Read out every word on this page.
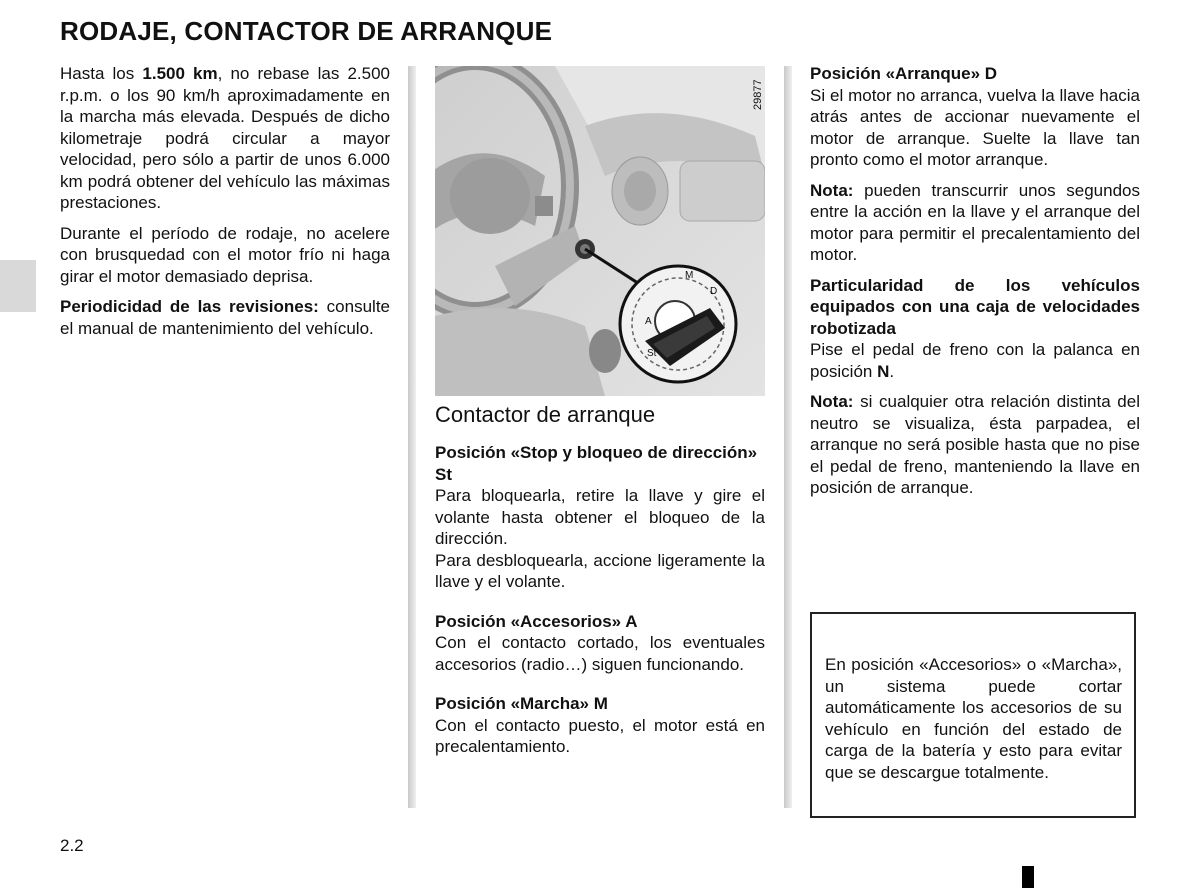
RODAJE, CONTACTOR DE ARRANQUE

Hasta los 1.500 km, no rebase las 2.500 r.p.m. o los 90 km/h aproximadamente en la marcha más elevada. Después de dicho kilometraje podrá circular a mayor velocidad, pero sólo a partir de unos 6.000 km podrá obtener del vehículo las máximas prestaciones.

Durante el período de rodaje, no acelere con brusquedad con el motor frío ni haga girar el motor demasiado deprisa.

Periodicidad de las revisiones: consulte el manual de mantenimiento del vehículo.

M
D
A
St
29877
Contactor de arranque
Posición «Stop y bloqueo de dirección» St
Para bloquearla, retire la llave y gire el volante hasta obtener el bloqueo de la dirección.
Para desbloquearla, accione ligeramente la llave y el volante.
Posición «Accesorios» A
Con el contacto cortado, los eventuales accesorios (radio…) siguen funcionando.
Posición «Marcha» M
Con el contacto puesto, el motor está en precalentamiento.

Posición «Arranque» D
Si el motor no arranca, vuelva la llave hacia atrás antes de accionar nuevamente el motor de arranque. Suelte la llave tan pronto como el motor arranque.

Nota: pueden transcurrir unos segundos entre la acción en la llave y el arranque del motor para permitir el precalentamiento del motor.

Particularidad de los vehículos equipados con una caja de velocidades robotizada
Pise el pedal de freno con la palanca en posición N.

Nota: si cualquier otra relación distinta del neutro se visualiza, ésta parpadea, el arranque no será posible hasta que no pise el pedal de freno, manteniendo la llave en posición de arranque.

En posición «Accesorios» o «Marcha», un sistema puede cortar automáticamente los accesorios de su vehículo en función del estado de carga de la batería y esto para evitar que se descargue totalmente.

2.2
